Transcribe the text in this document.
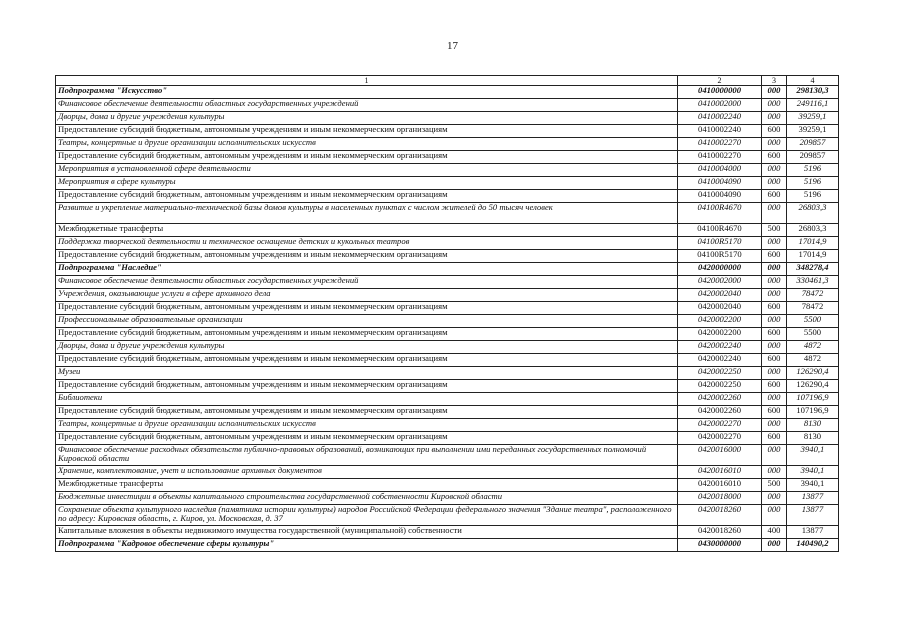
17
1	2	3	4
Подпрограмма "Искусство"	0410000000	000	298130,3
Финансовое обеспечение деятельности областных государственных учреждений	0410002000	000	249116,1
Дворцы, дома и другие учреждения культуры	0410002240	000	39259,1
Предоставление субсидий бюджетным, автономным учреждениям и иным некоммерческим организациям	0410002240	600	39259,1
Театры, концертные и другие организации исполнительских искусств	0410002270	000	209857
Предоставление субсидий бюджетным, автономным учреждениям и иным некоммерческим организациям	0410002270	600	209857
Мероприятия в установленной сфере деятельности	0410004000	000	5196
Мероприятия в сфере культуры	0410004090	000	5196
Предоставление субсидий бюджетным, автономным учреждениям и иным некоммерческим организациям	0410004090	600	5196
Развитие и укрепление материально-технической базы домов культуры в населенных пунктах с числом жителей до 50 тысяч человек	04100R4670	000	26803,3
Межбюджетные трансферты	04100R4670	500	26803,3
Поддержка творческой деятельности и техническое оснащение детских и кукольных театров	04100R5170	000	17014,9
Предоставление субсидий бюджетным, автономным учреждениям и иным некоммерческим организациям	04100R5170	600	17014,9
Подпрограмма "Наследие"	0420000000	000	348278,4
Финансовое обеспечение деятельности областных государственных учреждений	0420002000	000	330461,3
Учреждения, оказывающие услуги в сфере архивного дела	0420002040	000	78472
Предоставление субсидий бюджетным, автономным учреждениям и иным некоммерческим организациям	0420002040	600	78472
Профессиональные образовательные организации	0420002200	000	5500
Предоставление субсидий бюджетным, автономным учреждениям и иным некоммерческим организациям	0420002200	600	5500
Дворцы, дома и другие учреждения культуры	0420002240	000	4872
Предоставление субсидий бюджетным, автономным учреждениям и иным некоммерческим организациям	0420002240	600	4872
Музеи	0420002250	000	126290,4
Предоставление субсидий бюджетным, автономным учреждениям и иным некоммерческим организациям	0420002250	600	126290,4
Библиотеки	0420002260	000	107196,9
Предоставление субсидий бюджетным, автономным учреждениям и иным некоммерческим организациям	0420002260	600	107196,9
Театры, концертные и другие организации исполнительских искусств	0420002270	000	8130
Предоставление субсидий бюджетным, автономным учреждениям и иным некоммерческим организациям	0420002270	600	8130
Финансовое обеспечение расходных обязательств публично-правовых образований, возникающих при выполнении ими переданных государственных полномочий Кировской области	0420016000	000	3940,1
Хранение, комплектование, учет и использование архивных документов	0420016010	000	3940,1
Межбюджетные трансферты	0420016010	500	3940,1
Бюджетные инвестиции в объекты капитального строительства государственной собственности Кировской области	0420018000	000	13877
Сохранение объекта культурного наследия (памятника истории культуры) народов Российской Федерации федерального значения "Здание театра", расположенного по адресу: Кировская область, г. Киров, ул. Московская, д. 37	0420018260	000	13877
Капитальные вложения в объекты недвижимого имущества государственной (муниципальной) собственности	0420018260	400	13877
Подпрограмма "Кадровое обеспечение сферы культуры"	0430000000	000	140490,2
